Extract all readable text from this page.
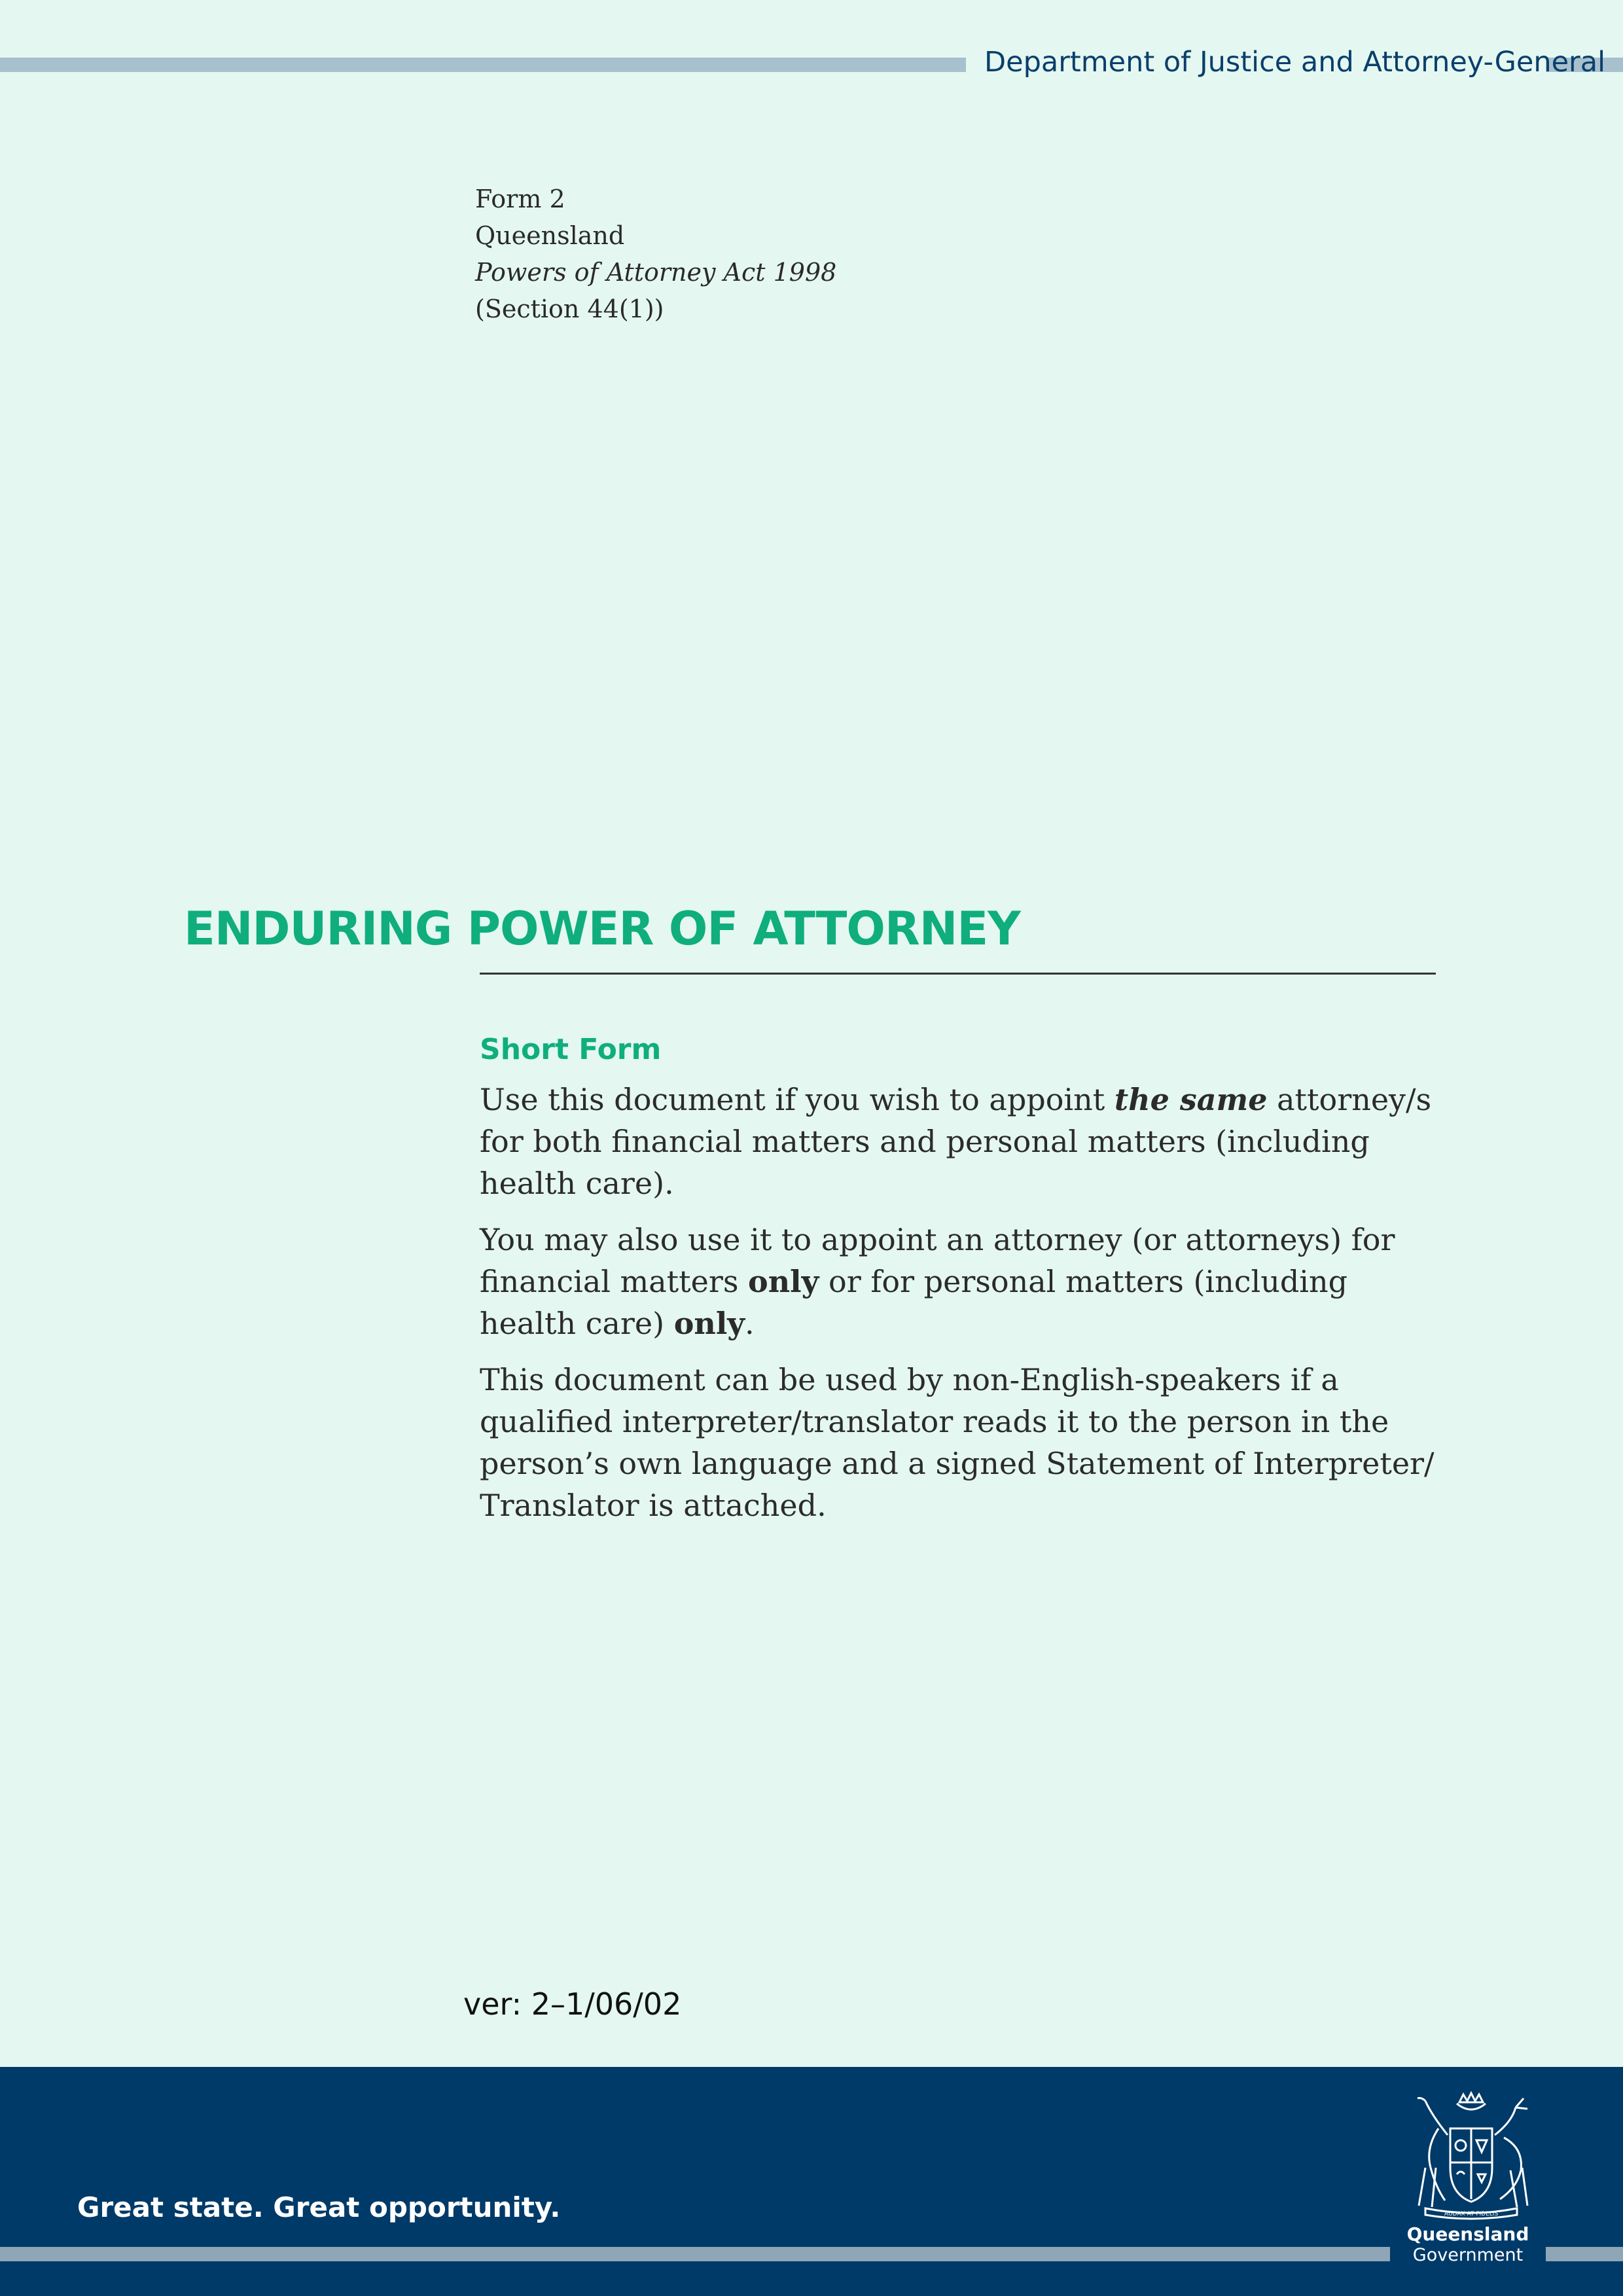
Department of Justice and Attorney-General
Form 2
Queensland
Powers of Attorney Act 1998
(Section 44(1))
ENDURING POWER OF ATTORNEY
Short Form

Use this document if you wish to appoint the same attorney/s for both financial matters and personal matters (including health care).

You may also use it to appoint an attorney (or attorneys) for financial matters only or for personal matters (including health care) only.

This document can be used by non-English-speakers if a qualified interpreter/translator reads it to the person in the person’s own language and a signed Statement of Interpreter/ Translator is attached.

ver: 2–1/06/02
Great state. Great opportunity.	AUDAX AT FIDELIS
Queensland
Government
